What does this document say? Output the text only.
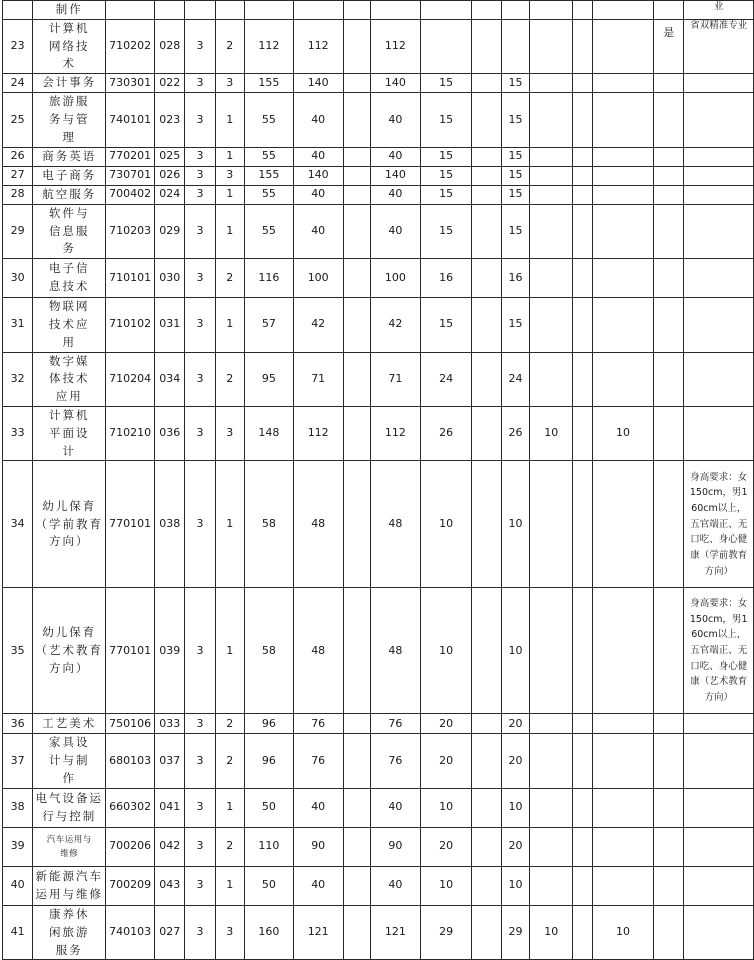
	制作																业

23	计算机网络技术	710202	028	3	2	112	112		112							是	省双精准专业

24	会计事务	730301	022	3	3	155	140		140	15		15					

25	旅游服务与管理	740101	023	3	1	55	40		40	15		15					

26	商务英语	770201	025	3	1	55	40		40	15		15					

27	电子商务	730701	026	3	3	155	140		140	15		15					

28	航空服务	700402	024	3	1	55	40		40	15		15					

29	软件与信息服务	710203	029	3	1	55	40		40	15		15					

30	电子信息技术	710101	030	3	2	116	100		100	16		16					

31	物联网技术应用	710102	031	3	1	57	42		42	15		15					

32	数字媒体技术应用	710204	034	3	2	95	71		71	24		24					

33	计算机平面设计	710210	036	3	3	148	112		112	26		26	10		10		

34	幼儿保育（学前教育方向）	770101	038	3	1	58	48		48	10		10					身高要求：女150cm，男160cm以上，五官端正、无口吃、身心健康（学前教育方向）

35	幼儿保育（艺术教育方向）	770101	039	3	1	58	48		48	10		10					身高要求：女150cm，男160cm以上，五官端正、无口吃、身心健康（艺术教育方向）

36	工艺美术	750106	033	3	2	96	76		76	20		20					

37	家具设计与制作	680103	037	3	2	96	76		76	20		20					

38	电气设备运行与控制	660302	041	3	1	50	40		40	10		10					

39	汽车运用与维修	700206	042	3	2	110	90		90	20		20					

40	新能源汽车运用与维修	700209	043	3	1	50	40		40	10		10					

41	康养休闲旅游服务	740103	027	3	3	160	121		121	29		29	10		10		
